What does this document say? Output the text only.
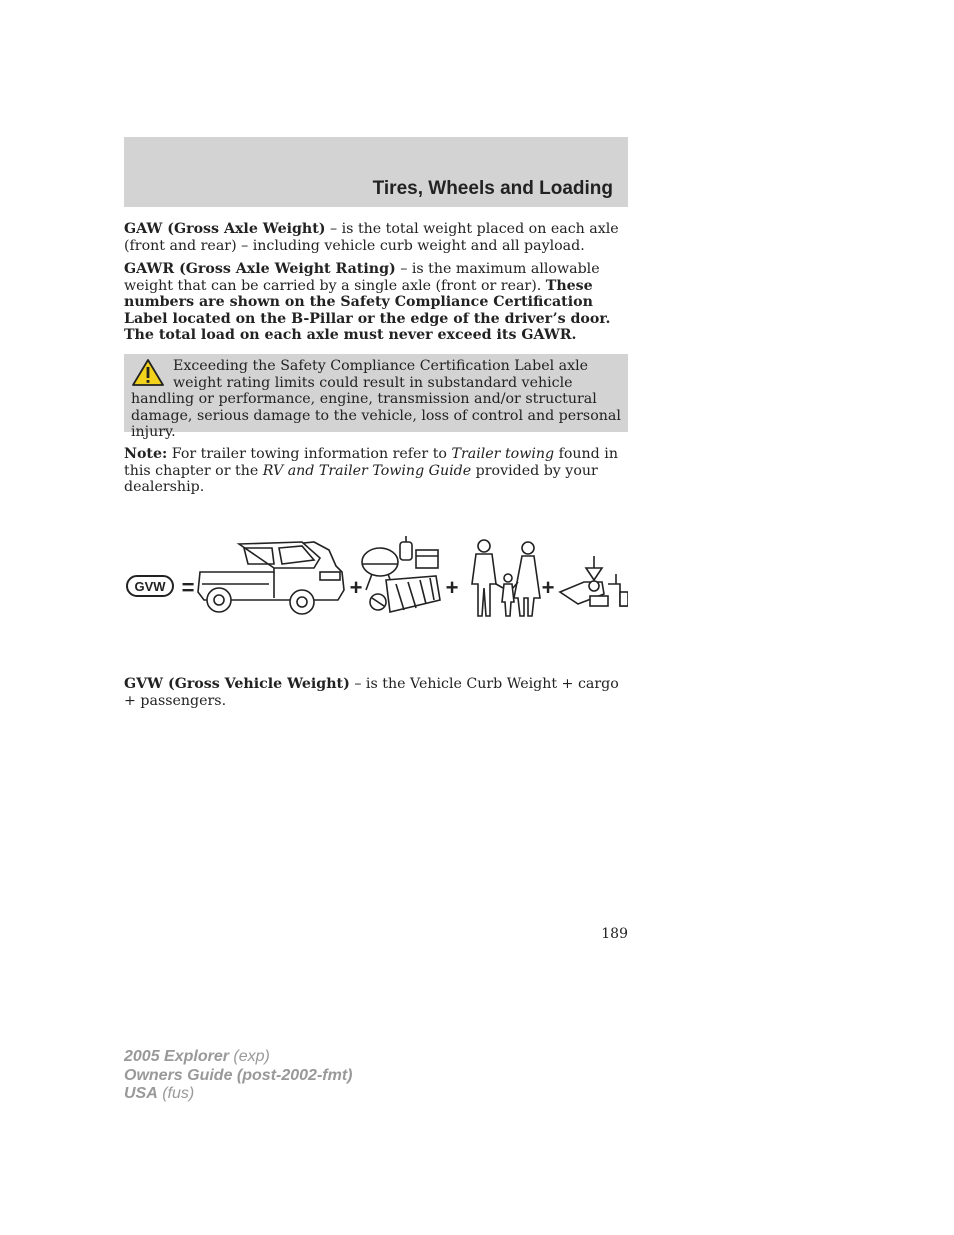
Tires, Wheels and Loading

GAW (Gross Axle Weight) – is the total weight placed on each axle (front and rear) – including vehicle curb weight and all payload.

GAWR (Gross Axle Weight Rating) – is the maximum allowable weight that can be carried by a single axle (front or rear). These numbers are shown on the Safety Compliance Certification Label located on the B-Pillar or the edge of the driver’s door. The total load on each axle must never exceed its GAWR.

Exceeding the Safety Compliance Certification Label axle weight rating limits could result in substandard vehicle handling or performance, engine, transmission and/or structural damage, serious damage to the vehicle, loss of control and personal injury.

Note: For trailer towing information refer to Trailer towing found in this chapter or the RV and Trailer Towing Guide provided by your dealership.

GVW =	+	+	+

GVW (Gross Vehicle Weight) – is the Vehicle Curb Weight + cargo + passengers.

189

2005 Explorer (exp)
Owners Guide (post-2002-fmt)
USA (fus)
